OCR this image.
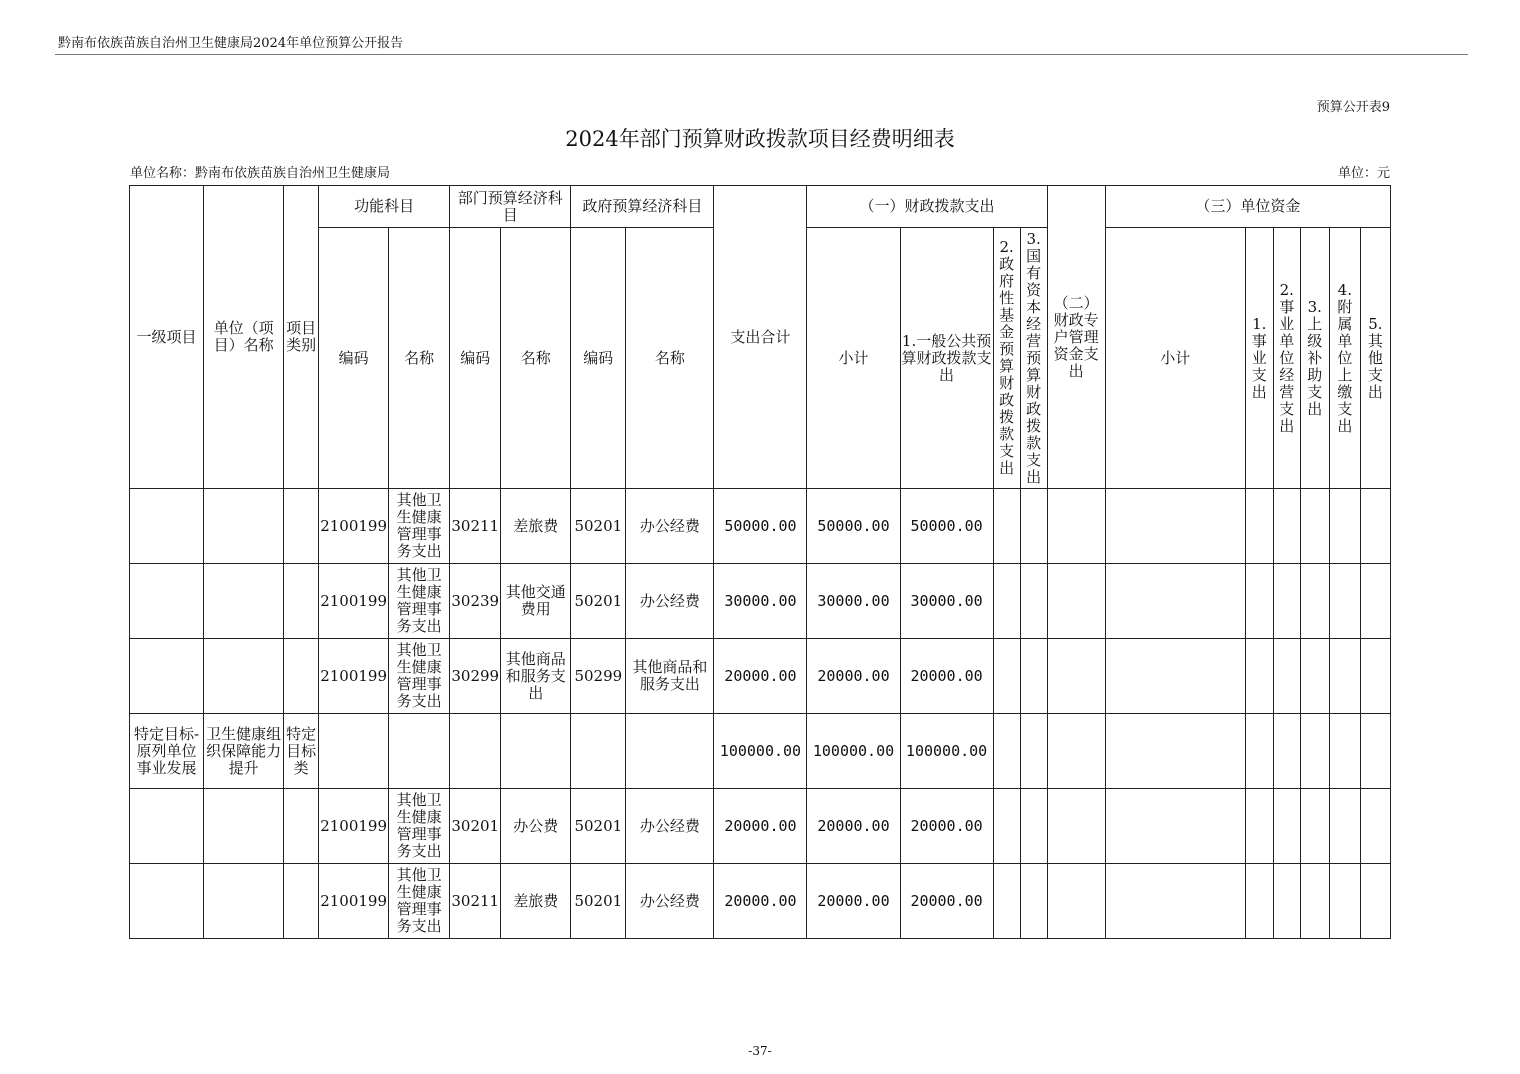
黔南布依族苗族自治州卫生健康局2024年单位预算公开报告
预算公开表9
2024年部门预算财政拨款项目经费明细表
单位名称：黔南布依族苗族自治州卫生健康局	单位：元
一级项目	单位（项目）名称	项目类别	功能科目		部门预算经济科目		政府预算经济科目		支出合计	（一）财政拨款支出				（二）财政专户管理资金支出	（三）单位资金					
			编码	名称	编码	名称	编码	名称		小计	1.一般公共预算财政拨款支出	2.政府性基金预算财政拨款支出	3.国有资本经营预算财政拨款支出		小计	1.事业支出	2.事业单位经营支出	3.上级补助支出	4.附属单位上缴支出	5.其他支出
			2100199	其他卫生健康管理事务支出	30211	差旅费	50201	办公经费	50000.00	50000.00	50000.00									
			2100199	其他卫生健康管理事务支出	30239	其他交通费用	50201	办公经费	30000.00	30000.00	30000.00									
			2100199	其他卫生健康管理事务支出	30299	其他商品和服务支出	50299	其他商品和服务支出	20000.00	20000.00	20000.00									
特定目标-原列单位事业发展	卫生健康组织保障能力提升	特定目标类							100000.00	100000.00	100000.00									
			2100199	其他卫生健康管理事务支出	30201	办公费	50201	办公经费	20000.00	20000.00	20000.00									
			2100199	其他卫生健康管理事务支出	30211	差旅费	50201	办公经费	20000.00	20000.00	20000.00									
-37-
